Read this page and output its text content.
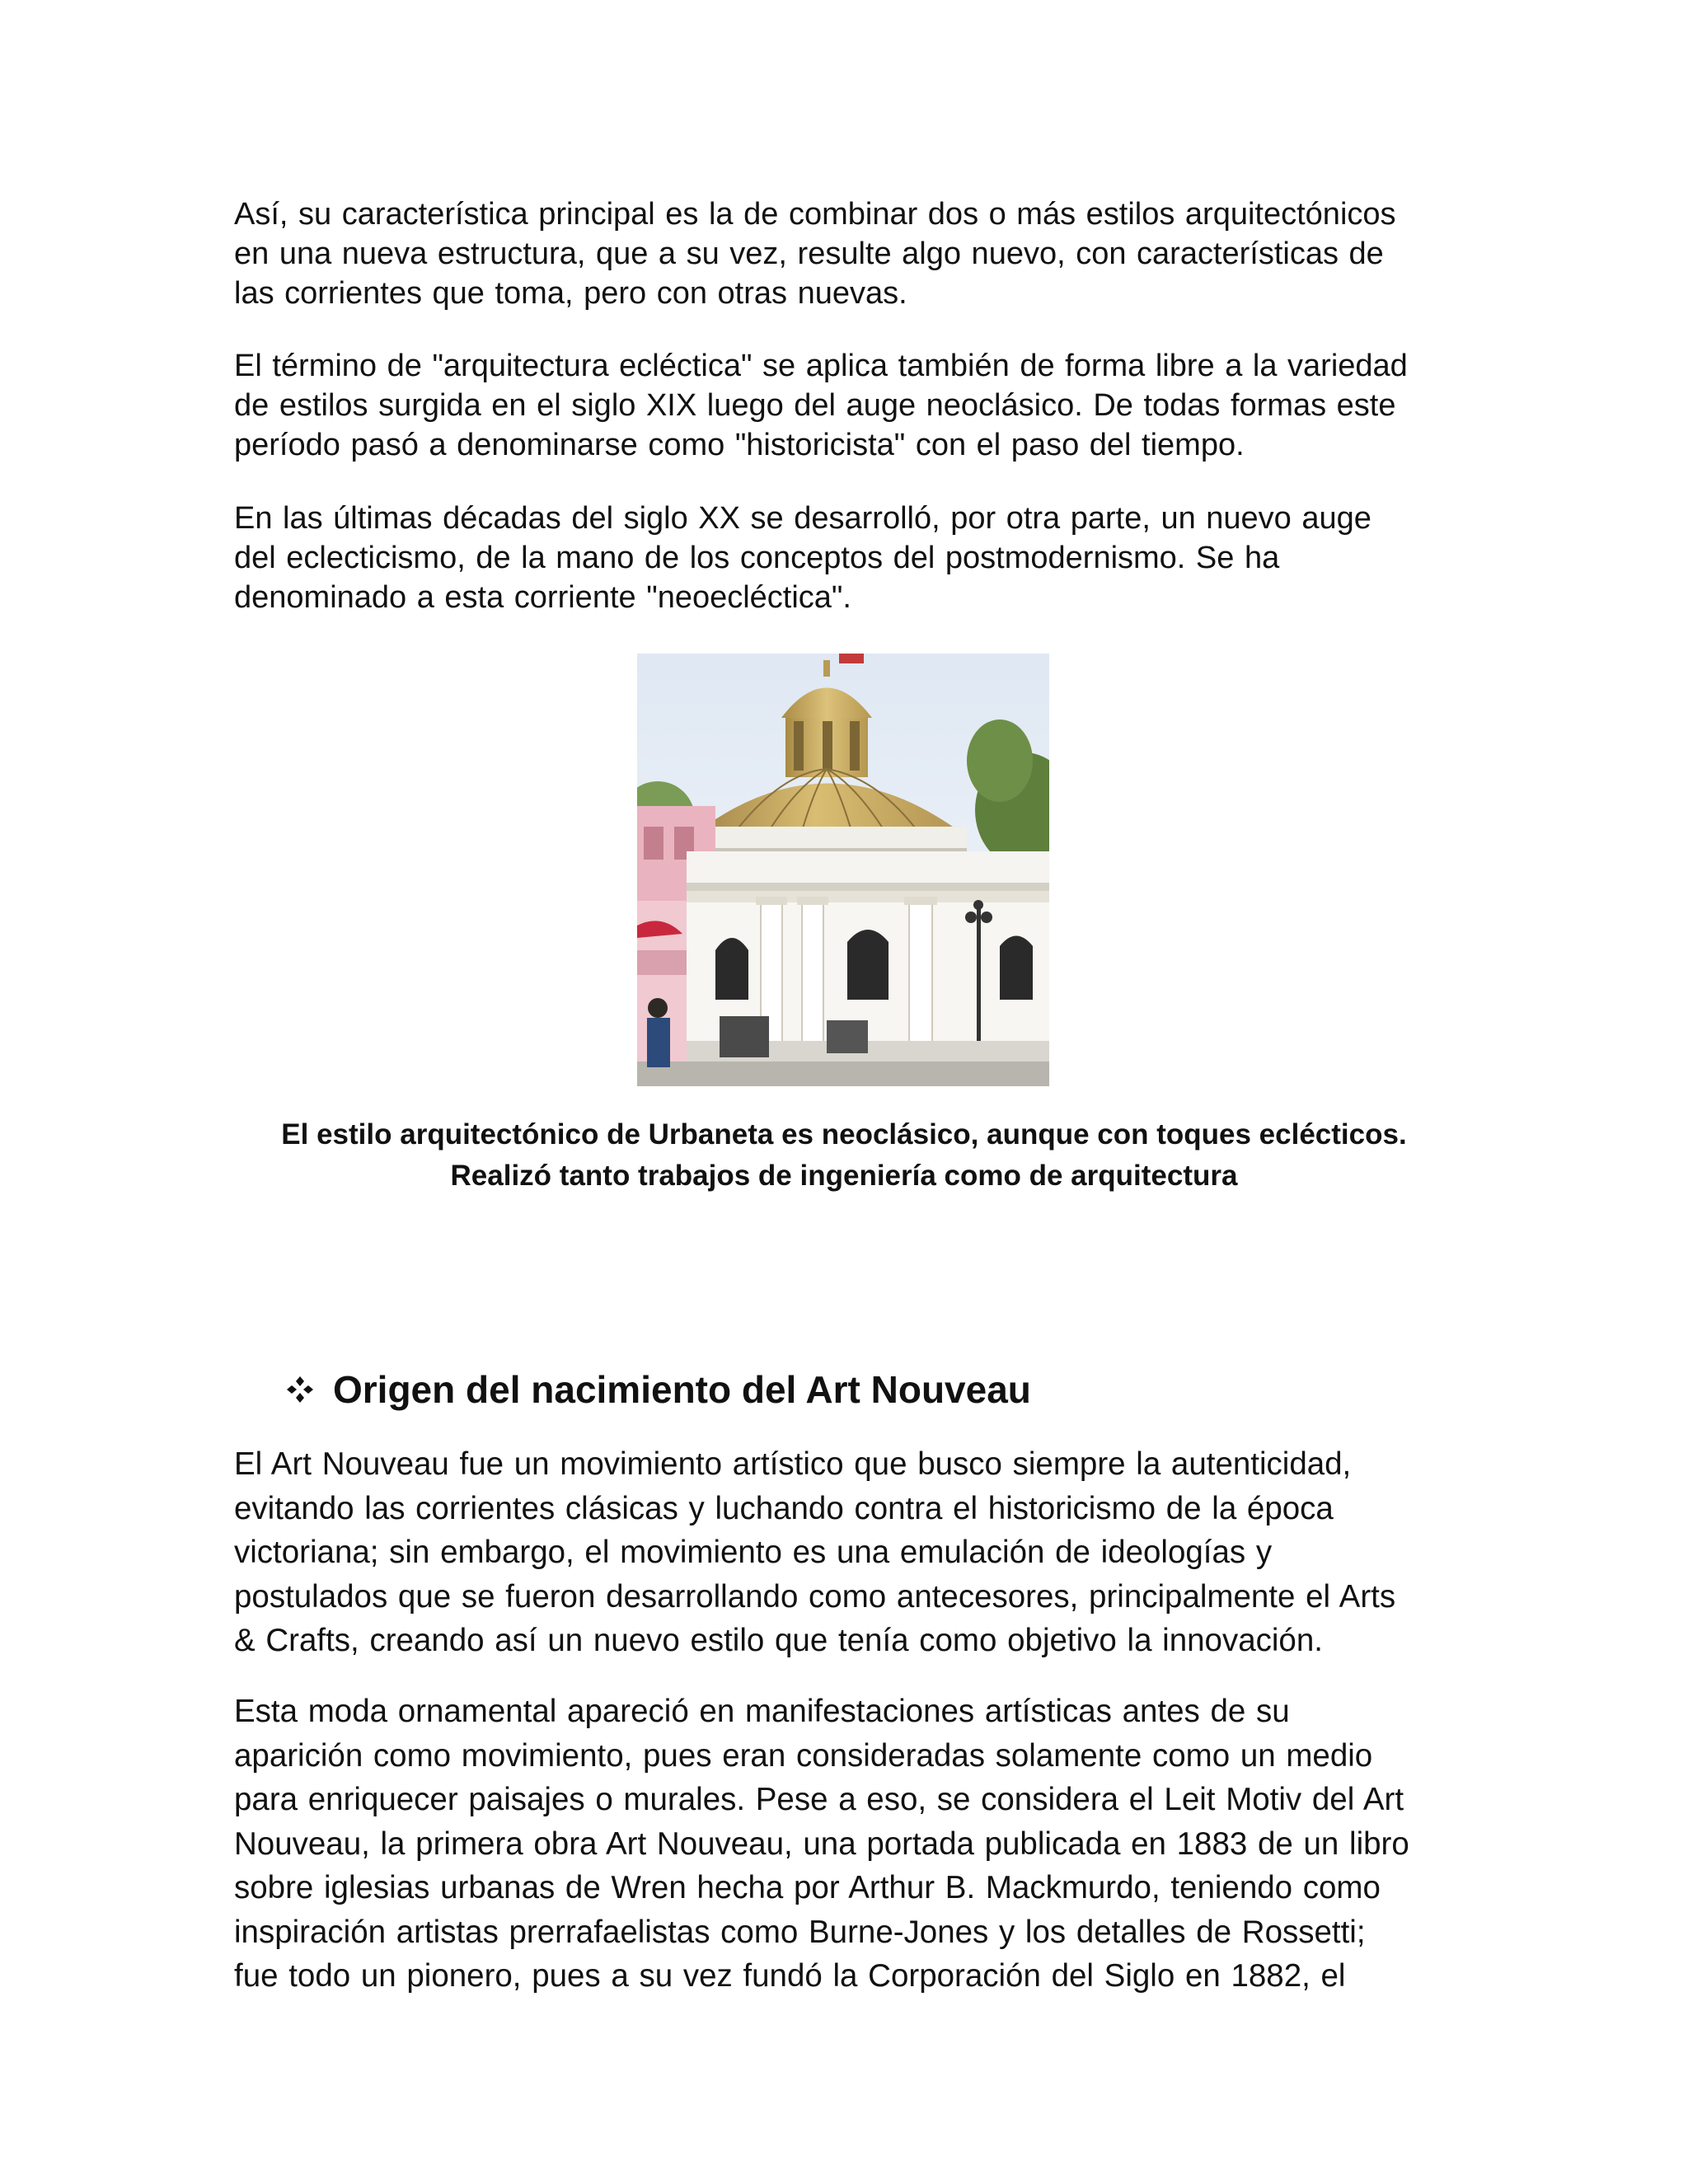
Así, su característica principal es la de combinar dos o más estilos arquitectónicos
en una nueva estructura, que a su vez, resulte algo nuevo, con características de
las corrientes que toma, pero con otras nuevas.

El término de "arquitectura ecléctica" se aplica también de forma libre a la variedad
de estilos surgida en el siglo XIX luego del auge neoclásico. De todas formas este
período pasó a denominarse como "historicista" con el paso del tiempo.

En las últimas décadas del siglo XX se desarrolló, por otra parte, un nuevo auge
del eclecticismo, de la mano de los conceptos del postmodernismo. Se ha
denominado a esta corriente "neoecléctica".

El estilo arquitectónico de Urbaneta es neoclásico, aunque con toques eclécticos.
Realizó tanto trabajos de ingeniería como de arquitectura
Origen del nacimiento del Art Nouveau

El Art Nouveau fue un movimiento artístico que busco siempre la autenticidad,
evitando las corrientes clásicas y luchando contra el historicismo de la época
victoriana; sin embargo, el movimiento es una emulación de ideologías y
postulados que se fueron desarrollando como antecesores, principalmente el Arts
& Crafts, creando así un nuevo estilo que tenía como objetivo la innovación.

Esta moda ornamental apareció en manifestaciones artísticas antes de su
aparición como movimiento, pues eran consideradas solamente como un medio
para enriquecer paisajes o murales. Pese a eso, se considera el Leit Motiv del Art
Nouveau, la primera obra Art Nouveau, una portada publicada en 1883 de un libro
sobre iglesias urbanas de Wren hecha por Arthur B. Mackmurdo, teniendo como
inspiración artistas prerrafaelistas como Burne-Jones y los detalles de Rossetti;
fue todo un pionero, pues a su vez fundó la Corporación del Siglo en 1882, el
